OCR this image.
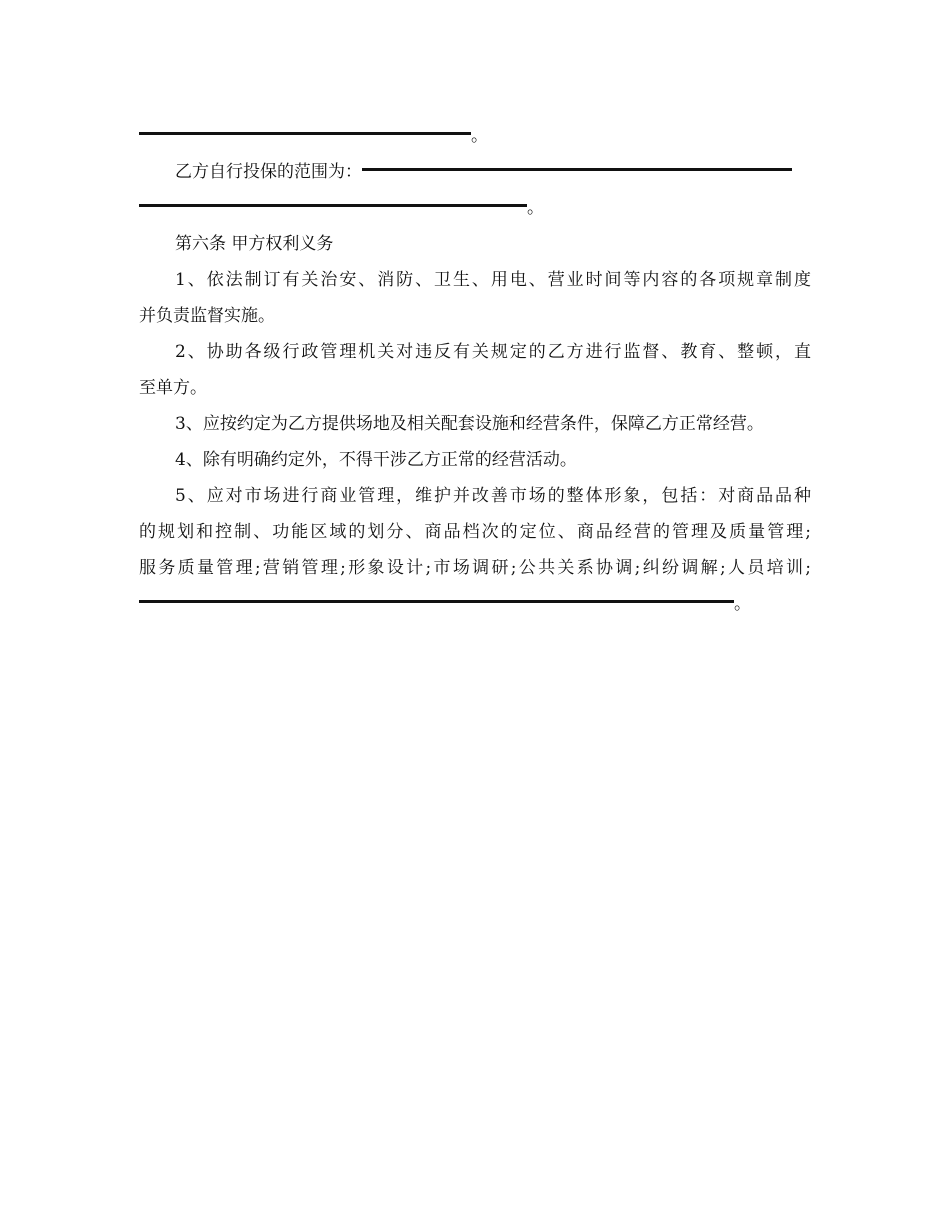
。
乙方自行投保的范围为：
。
第六条 甲方权利义务
1、依法制订有关治安、消防、卫生、用电、营业时间等内容的各项规章制度
并负责监督实施。
2、协助各级行政管理机关对违反有关规定的乙方进行监督、教育、整顿，直
至单方。
3、应按约定为乙方提供场地及相关配套设施和经营条件，保障乙方正常经营。
4、除有明确约定外，不得干涉乙方正常的经营活动。
5、应对市场进行商业管理，维护并改善市场的整体形象，包括：对商品品种
的规划和控制、功能区域的划分、商品档次的定位、商品经营的管理及质量管理;
服务质量管理;营销管理;形象设计;市场调研;公共关系协调;纠纷调解;人员培训;
。
